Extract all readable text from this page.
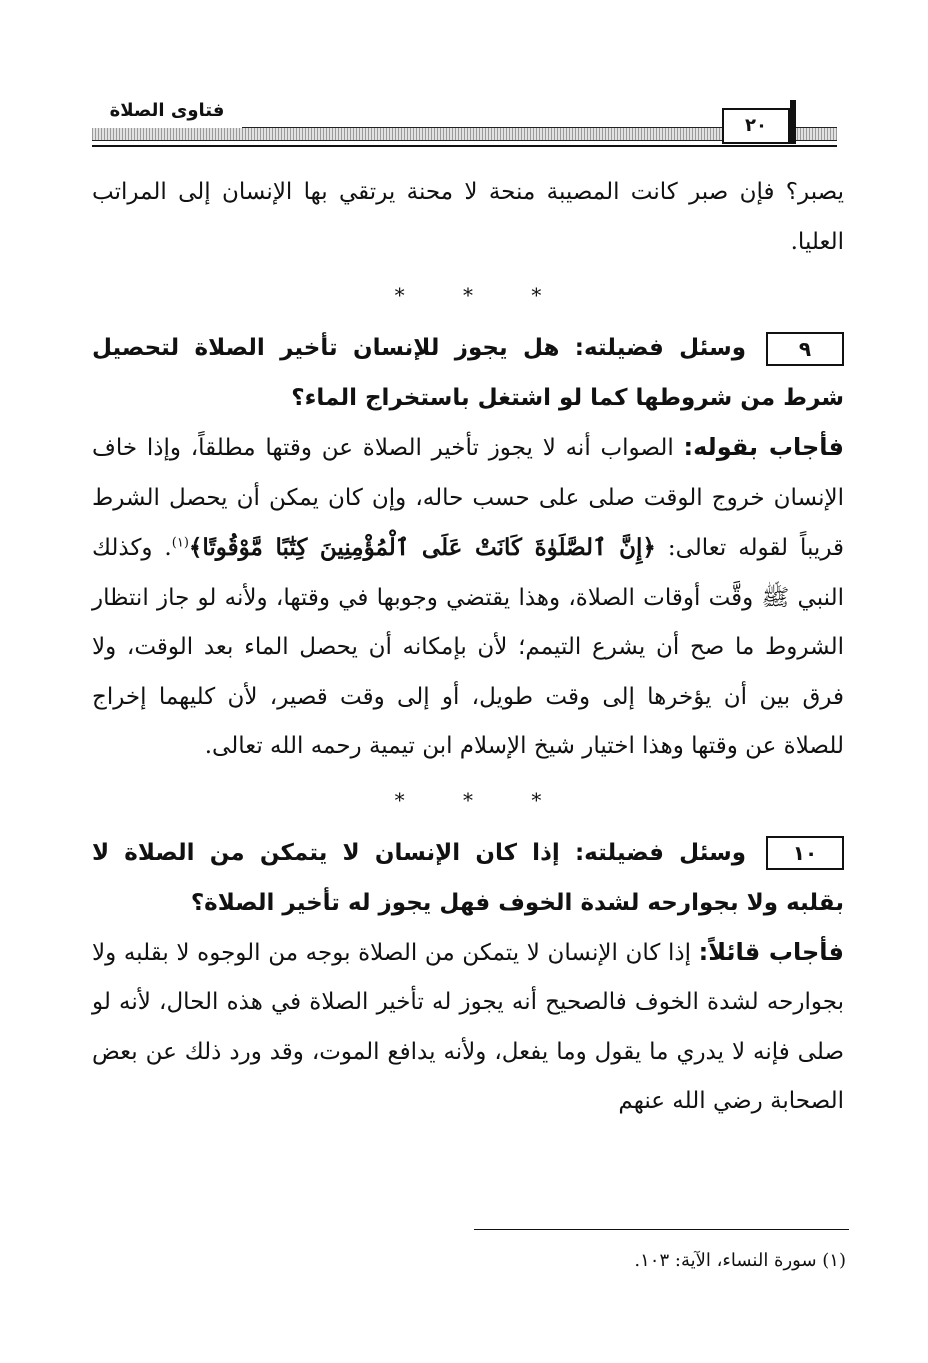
فتاوى الصلاة
٢٠

يصبر؟ فإن صبر كانت المصيبة منحة لا محنة يرتقي بها الإنسان إلى المراتب العليا.

* * *

٩وسئل فضيلته: هل يجوز للإنسان تأخير الصلاة لتحصيل شرط من شروطها كما لو اشتغل باستخراج الماء؟

فأجاب بقوله: الصواب أنه لا يجوز تأخير الصلاة عن وقتها مطلقاً، وإذا خاف الإنسان خروج الوقت صلى على حسب حاله، وإن كان يمكن أن يحصل الشرط قريباً لقوله تعالى: ﴿إِنَّ ٱلصَّلَوٰةَ كَانَتْ عَلَى ٱلْمُؤْمِنِينَ كِتَٰبًا مَّوْقُوتًا﴾$^{(١)}$. وكذلك النبي ﷺ وقَّت أوقات الصلاة، وهذا يقتضي وجوبها في وقتها، ولأنه لو جاز انتظار الشروط ما صح أن يشرع التيمم؛ لأن بإمكانه أن يحصل الماء بعد الوقت، ولا فرق بين أن يؤخرها إلى وقت طويل، أو إلى وقت قصير، لأن كليهما إخراج للصلاة عن وقتها وهذا اختيار شيخ الإسلام ابن تيمية رحمه الله تعالى.

* * *

١٠وسئل فضيلته: إذا كان الإنسان لا يتمكن من الصلاة لا بقلبه ولا بجوارحه لشدة الخوف فهل يجوز له تأخير الصلاة؟

فأجاب قائلاً: إذا كان الإنسان لا يتمكن من الصلاة بوجه من الوجوه لا بقلبه ولا بجوارحه لشدة الخوف فالصحيح أنه يجوز له تأخير الصلاة في هذه الحال، لأنه لو صلى فإنه لا يدري ما يقول وما يفعل، ولأنه يدافع الموت، وقد ورد ذلك عن بعض الصحابة رضي الله عنهم

(١) سورة النساء، الآية: ١٠٣.
